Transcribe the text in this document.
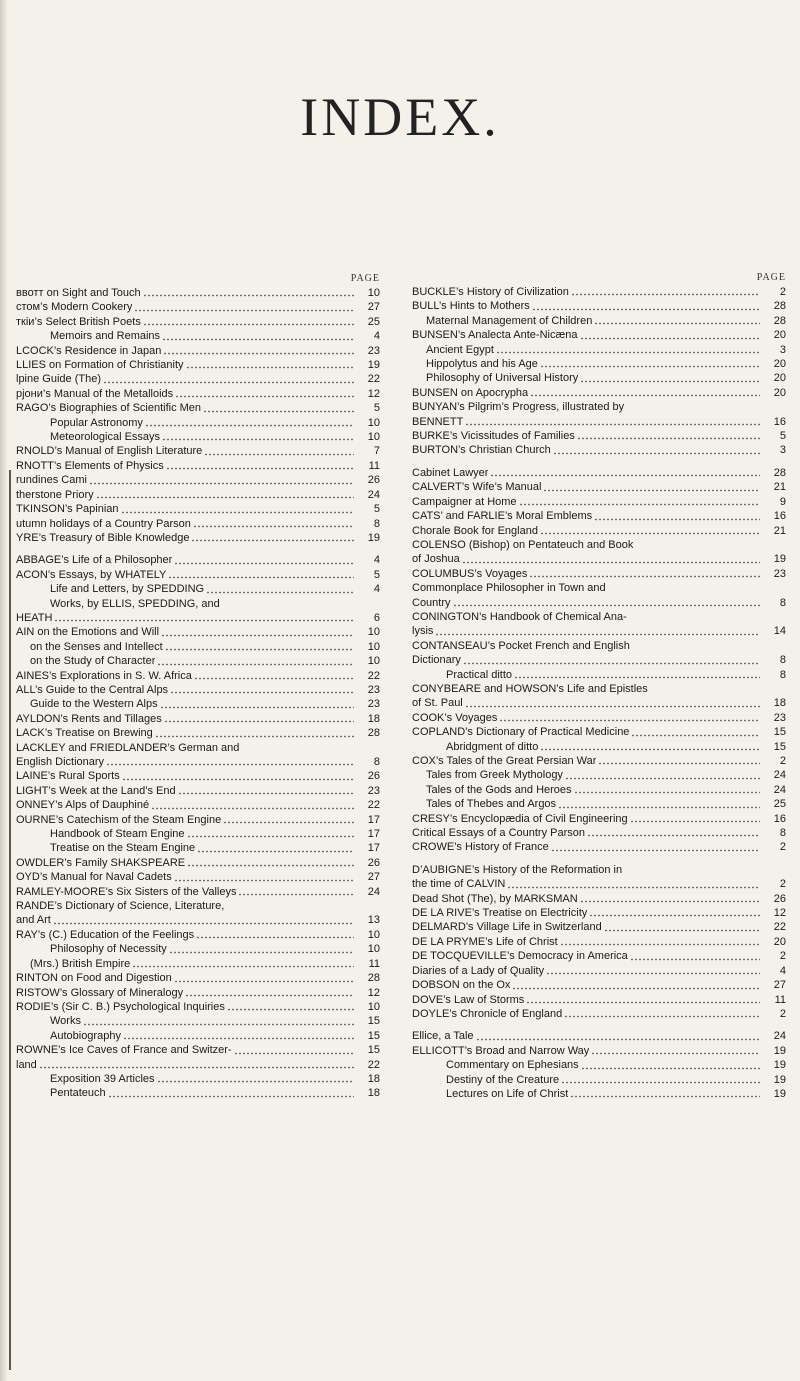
INDEX.
PAGE
ввотт on Sight and Touch	10
стом’s Modern Cookery	27
ткіи’s Select British Poets	25
Memoirs and Remains	4
LCOCK’s Residence in Japan	23
LLIES on Formation of Christianity	19
lpine Guide (The)	22
рјони’s Manual of the Metalloids	12
RAGO’s Biographies of Scientific Men	5
Popular Astronomy	10
Meteorological Essays	10
RNOLD’s Manual of English Literature	7
RNOTT’s Elements of Physics	11
rundines Cami	26
therstone Priory	24
TKINSON’s Papinian	5
utumn holidays of a Country Parson	8
YRE’s Treasury of Bible Knowledge	19
ABBAGE’s Life of a Philosopher	4
ACON’s Essays, by WHATELY	5
Life and Letters, by SPEDDING	4
Works, by ELLIS, SPEDDING, and
HEATH	6
AIN on the Emotions and Will	10
on the Senses and Intellect	10
on the Study of Character	10
AINES’s Explorations in S. W. Africa	22
ALL’s Guide to the Central Alps	23
Guide to the Western Alps	23
AYLDON’s Rents and Tillages	18
LACK’s Treatise on Brewing	28
LACKLEY and FRIEDLANDER’s German and
English Dictionary	8
LAINE’s Rural Sports	26
LIGHT’s Week at the Land’s End	23
ONNEY’s Alps of Dauphiné	22
OURNE’s Catechism of the Steam Engine	17
Handbook of Steam Engine	17
Treatise on the Steam Engine	17
OWDLER’s Family SHAKSPEARE	26
OYD’s Manual for Naval Cadets	27
RAMLEY-MOORE’s Six Sisters of the Valleys	24
RANDE’s Dictionary of Science, Literature,
and Art	13
RAY’s (C.) Education of the Feelings	10
Philosophy of Necessity	10
(Mrs.) British Empire	11
RINTON on Food and Digestion	28
RISTOW’s Glossary of Mineralogy	12
RODIE’s (Sir C. B.) Psychological Inquiries	10
Works	15
Autobiography	15
ROWNE’s Ice Caves of France and Switzer-	15
land	22
Exposition 39 Articles	18
Pentateuch	18
PAGE
BUCKLE’s History of Civilization	2
BULL’s Hints to Mothers	28
Maternal Management of Children	28
BUNSEN’s Analecta Ante-Nicæna	20
Ancient Egypt	3
Hippolytus and his Age	20
Philosophy of Universal History	20
BUNSEN on Apocrypha	20
BUNYAN’s Pilgrim’s Progress, illustrated by
BENNETT	16
BURKE’s Vicissitudes of Families	5
BURTON’s Christian Church	3
Cabinet Lawyer	28
CALVERT’s Wife’s Manual	21
Campaigner at Home	9
CATS’ and FARLIE’s Moral Emblems	16
Chorale Book for England	21
COLENSO (Bishop) on Pentateuch and Book
of Joshua	19
COLUMBUS’s Voyages	23
Commonplace Philosopher in Town and
Country	8
CONINGTON’s Handbook of Chemical Ana-
lysis	14
CONTANSEAU’s Pocket French and English
Dictionary	8
Practical ditto	8
CONYBEARE and HOWSON’s Life and Epistles
of St. Paul	18
COOK’s Voyages	23
COPLAND’s Dictionary of Practical Medicine	15
Abridgment of ditto	15
COX’s Tales of the Great Persian War	2
Tales from Greek Mythology	24
Tales of the Gods and Heroes	24
Tales of Thebes and Argos	25
CRESY’s Encyclopædia of Civil Engineering	16
Critical Essays of a Country Parson	8
CROWE’s History of France	2
D’AUBIGNE’s History of the Reformation in
the time of CALVIN	2
Dead Shot (The), by MARKSMAN	26
DE LA RIVE’s Treatise on Electricity	12
DELMARD’s Village Life in Switzerland	22
DE LA PRYME’s Life of Christ	20
DE TOCQUEVILLE’s Democracy in America	2
Diaries of a Lady of Quality	4
DOBSON on the Ox	27
DOVE’s Law of Storms	11
DOYLE’s Chronicle of England	2
Ellice, a Tale	24
ELLICOTT’s Broad and Narrow Way	19
Commentary on Ephesians	19
Destiny of the Creature	19
Lectures on Life of Christ	19
